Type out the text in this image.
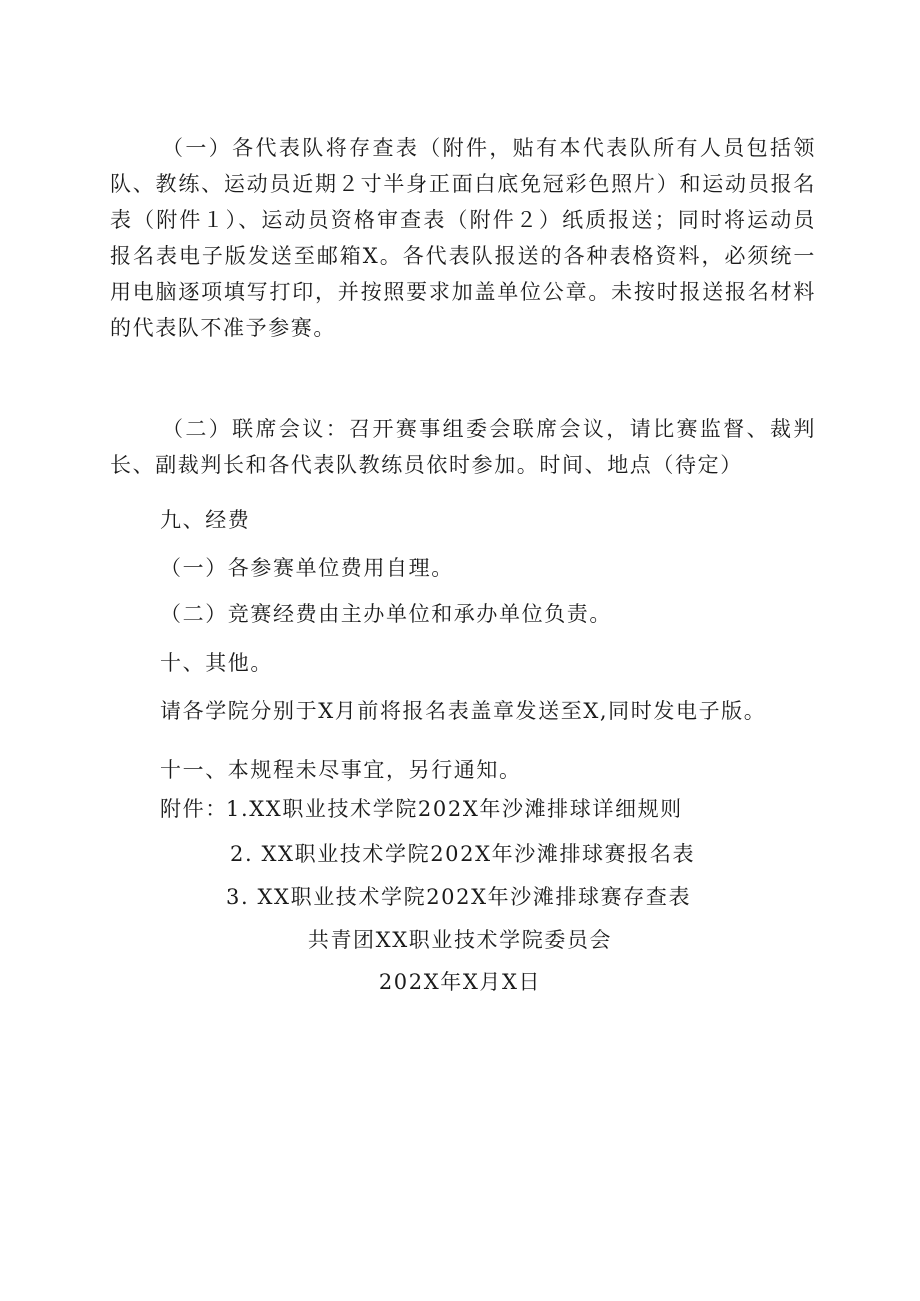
（一）各代表队将存查表（附件，贴有本代表队所有人员包括领队、教练、运动员近期２寸半身正面白底免冠彩色照片）和运动员报名表（附件１）、运动员资格审查表（附件２）纸质报送；同时将运动员报名表电子版发送至邮箱X。各代表队报送的各种表格资料，必须统一用电脑逐项填写打印，并按照要求加盖单位公章。未按时报送报名材料的代表队不准予参赛。
（二）联席会议：召开赛事组委会联席会议，请比赛监督、裁判长、副裁判长和各代表队教练员依时参加。时间、地点（待定）
九、经费
（一）各参赛单位费用自理。
（二）竞赛经费由主办单位和承办单位负责。
十、其他。
请各学院分别于X月前将报名表盖章发送至X,同时发电子版。
十一、本规程未尽事宜，另行通知。
附件：
1.XX职业技术学院202X年沙滩排球详细规则
2. XX职业技术学院202X年沙滩排球赛报名表
3. XX职业技术学院202X年沙滩排球赛存查表
共青团XX职业技术学院委员会
202X年X月X日
